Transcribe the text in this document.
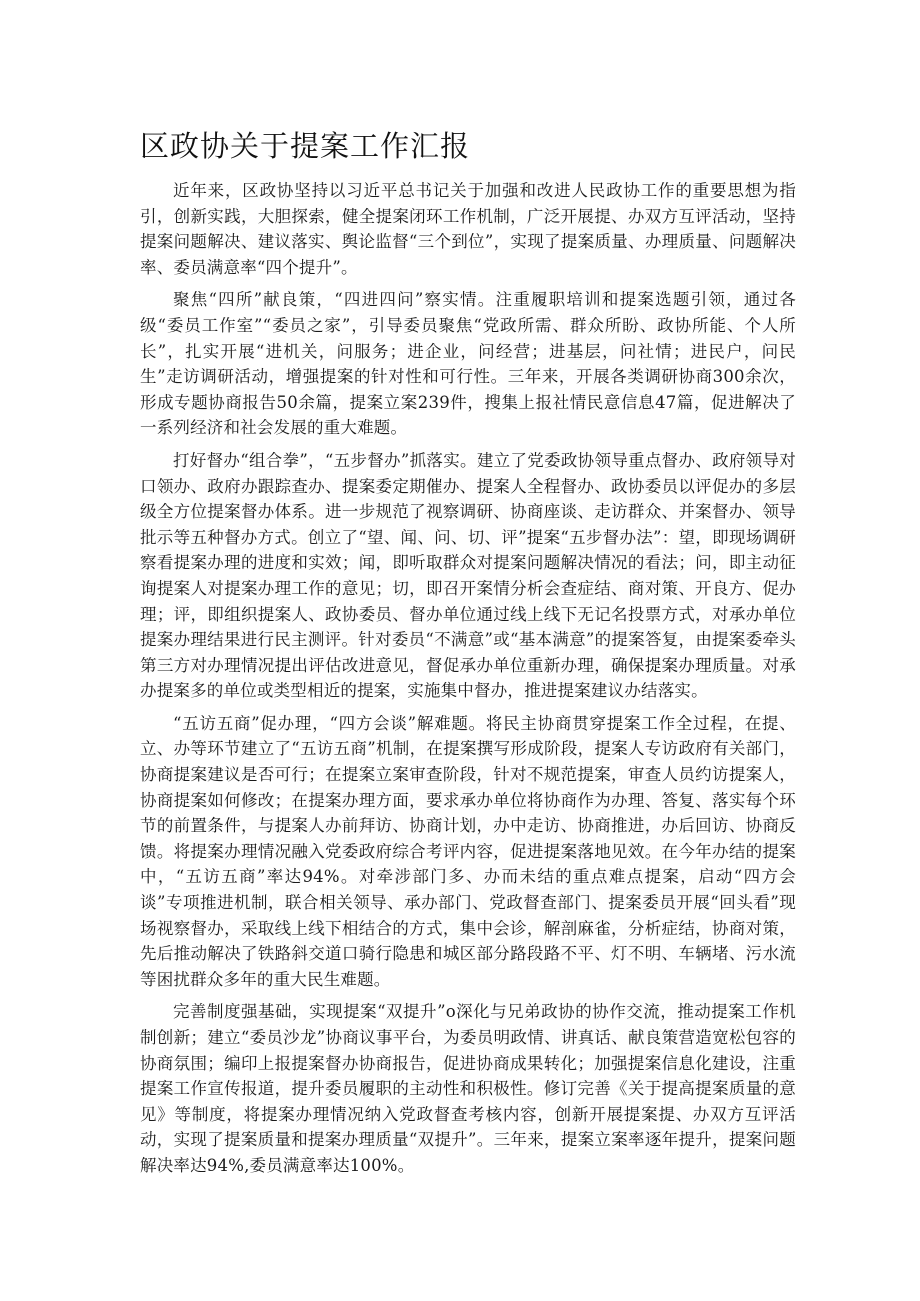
区政协关于提案工作汇报

近年来，区政协坚持以习近平总书记关于加强和改进人民政协工作的重要思想为指引，创新实践，大胆探索，健全提案闭环工作机制，广泛开展提、办双方互评活动，坚持提案问题解决、建议落实、舆论监督“三个到位”，实现了提案质量、办理质量、问题解决率、委员满意率“四个提升”。

聚焦“四所”献良策，“四进四问”察实情。注重履职培训和提案选题引领，通过各级“委员工作室”“委员之家”，引导委员聚焦“党政所需、群众所盼、政协所能、个人所长”，扎实开展“进机关，问服务；进企业，问经营；进基层，问社情；进民户，问民生”走访调研活动，增强提案的针对性和可行性。三年来，开展各类调研协商300余次，形成专题协商报告50余篇，提案立案239件，搜集上报社情民意信息47篇，促进解决了一系列经济和社会发展的重大难题。

打好督办“组合拳”，“五步督办”抓落实。建立了党委政协领导重点督办、政府领导对口领办、政府办跟踪查办、提案委定期催办、提案人全程督办、政协委员以评促办的多层级全方位提案督办体系。进一步规范了视察调研、协商座谈、走访群众、并案督办、领导批示等五种督办方式。创立了“望、闻、问、切、评”提案“五步督办法”：望，即现场调研察看提案办理的进度和实效；闻，即听取群众对提案问题解决情况的看法；问，即主动征询提案人对提案办理工作的意见；切，即召开案情分析会查症结、商对策、开良方、促办理；评，即组织提案人、政协委员、督办单位通过线上线下无记名投票方式，对承办单位提案办理结果进行民主测评。针对委员“不满意”或“基本满意”的提案答复，由提案委牵头第三方对办理情况提出评估改进意见，督促承办单位重新办理，确保提案办理质量。对承办提案多的单位或类型相近的提案，实施集中督办，推进提案建议办结落实。

“五访五商”促办理，“四方会谈”解难题。将民主协商贯穿提案工作全过程，在提、立、办等环节建立了“五访五商”机制，在提案撰写形成阶段，提案人专访政府有关部门，协商提案建议是否可行；在提案立案审查阶段，针对不规范提案，审查人员约访提案人，协商提案如何修改；在提案办理方面，要求承办单位将协商作为办理、答复、落实每个环节的前置条件，与提案人办前拜访、协商计划，办中走访、协商推进，办后回访、协商反馈。将提案办理情况融入党委政府综合考评内容，促进提案落地见效。在今年办结的提案中，“五访五商”率达94%。对牵涉部门多、办而未结的重点难点提案，启动“四方会谈”专项推进机制，联合相关领导、承办部门、党政督查部门、提案委员开展“回头看”现场视察督办，采取线上线下相结合的方式，集中会诊，解剖麻雀，分析症结，协商对策，先后推动解决了铁路斜交道口骑行隐患和城区部分路段路不平、灯不明、车辆堵、污水流等困扰群众多年的重大民生难题。

完善制度强基础，实现提案“双提升”o深化与兄弟政协的协作交流，推动提案工作机制创新；建立“委员沙龙”协商议事平台，为委员明政情、讲真话、献良策营造宽松包容的协商氛围；编印上报提案督办协商报告，促进协商成果转化；加强提案信息化建设，注重提案工作宣传报道，提升委员履职的主动性和积极性。修订完善《关于提高提案质量的意见》等制度，将提案办理情况纳入党政督查考核内容，创新开展提案提、办双方互评活动，实现了提案质量和提案办理质量“双提升”。三年来，提案立案率逐年提升，提案问题解决率达94%,委员满意率达100%。
